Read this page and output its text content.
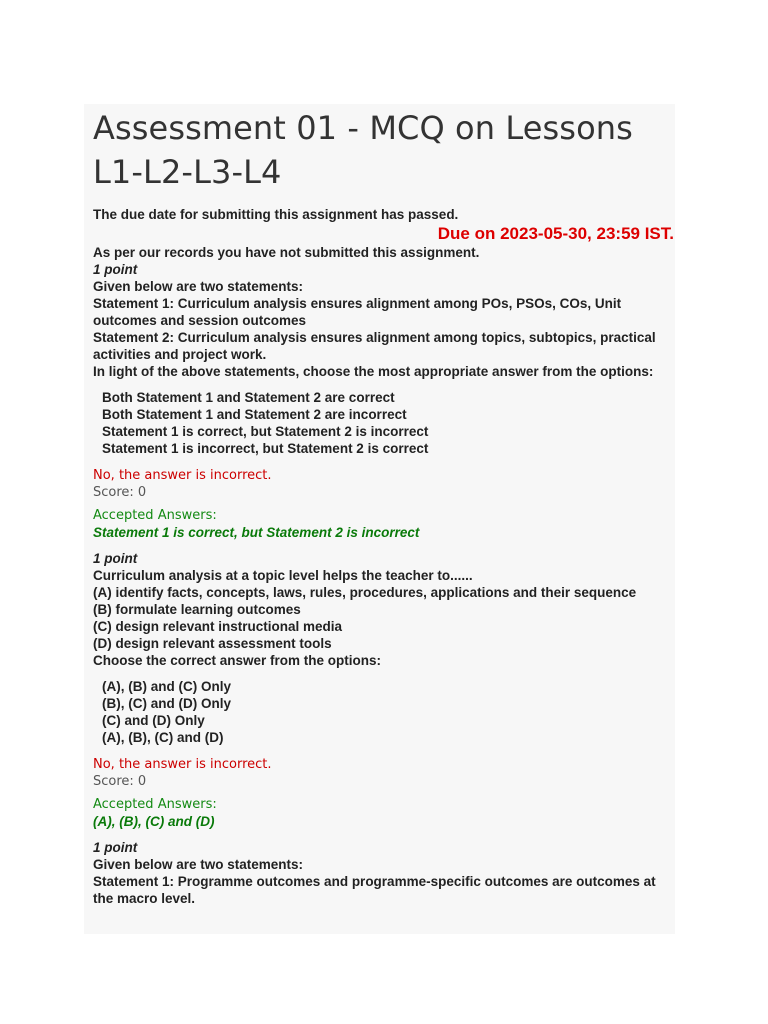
Assessment 01 - MCQ on Lessons L1-L2-L3-L4
The due date for submitting this assignment has passed.
Due on 2023-05-30, 23:59 IST.
As per our records you have not submitted this assignment.
1 point
Given below are two statements:
Statement 1: Curriculum analysis ensures alignment among POs, PSOs, COs, Unit outcomes and session outcomes
Statement 2: Curriculum analysis ensures alignment among topics, subtopics, practical activities and project work.
In light of the above statements, choose the most appropriate answer from the options:
Both Statement 1 and Statement 2 are correct
Both Statement 1 and Statement 2 are incorrect
Statement 1 is correct, but Statement 2 is incorrect
Statement 1 is incorrect, but Statement 2 is correct
No, the answer is incorrect.
Score: 0
Accepted Answers:
Statement 1 is correct, but Statement 2 is incorrect
1 point
Curriculum analysis at a topic level helps the teacher to......
(A) identify facts, concepts, laws, rules, procedures, applications and their sequence
(B) formulate learning outcomes
(C) design relevant instructional media
(D) design relevant assessment tools
Choose the correct answer from the options:
(A), (B) and (C) Only
(B), (C) and (D) Only
(C) and (D) Only
(A), (B), (C) and (D)
No, the answer is incorrect.
Score: 0
Accepted Answers:
(A), (B), (C) and (D)
1 point
Given below are two statements:
Statement 1: Programme outcomes and programme-specific outcomes are outcomes at the macro level.
